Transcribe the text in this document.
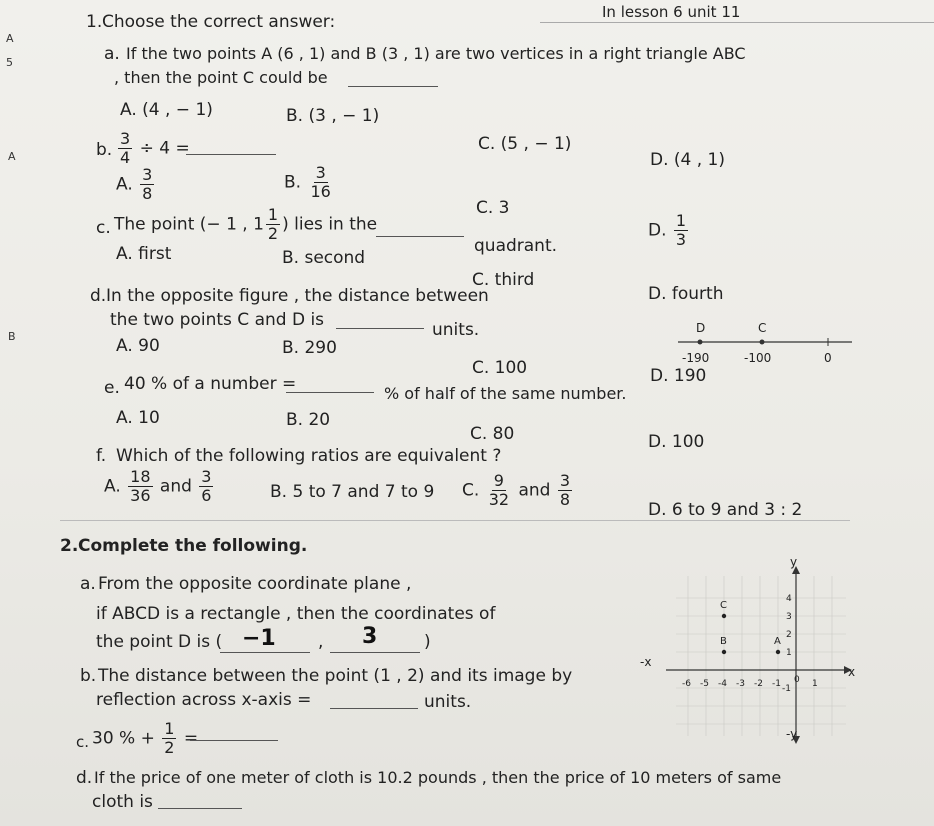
In lesson 6 unit 11
A
5
A
B
1. Choose the correct answer:
a. If the two points A (6 , 1) and B (3 , 1) are two vertices in a right triangle ABC
, then the point C could be
A. (4 , − 1)	B. (3 , − 1)
C. (5 , − 1)
D. (4 , 1)
b. $\frac{3}{4} \div 4$ =
A. $\frac{3}{8}$	B. $\frac{3}{16}$
C. 3
D. $\frac{1}{3}$
c. The point (− 1 , $1 \frac{1}{2}$ ) lies in the
quadrant.
A. first	B. second
C. third
D. fourth
d. In the opposite figure , the distance between
the two points C and D is	units.
A. 90	B. 290
C. 100	D. 190
D	C
-190	-100	0
e. 40 % of a number =	% of half of the same number.
A. 10	B. 20
C. 80	D. 100
f. Which of the following ratios are equivalent ?
A. $\frac{18}{36}$ and $\frac{3}{6}$	B. 5 to 7 and 7 to 9 C. $\frac{9}{32}$ and $\frac{3}{8}$
D. 6 to 9 and 3 : 2
2. Complete the following.
a. From the opposite coordinate plane ,
if ABCD is a rectangle , then the coordinates of
the point D is ( −1 , 3	)
b. The distance between the point (1 , 2) and its image by
reflection across x-axis =	units.
c. 30 % + $\frac{1}{2}$ =
d. If the price of one meter of cloth is 10.2 pounds , then the price of 10 meters of same
cloth is
y
-y
x
-x
-6 -5 -4 -3 -2 -1 0 1
4
3
2
1
-1
C
B	A
